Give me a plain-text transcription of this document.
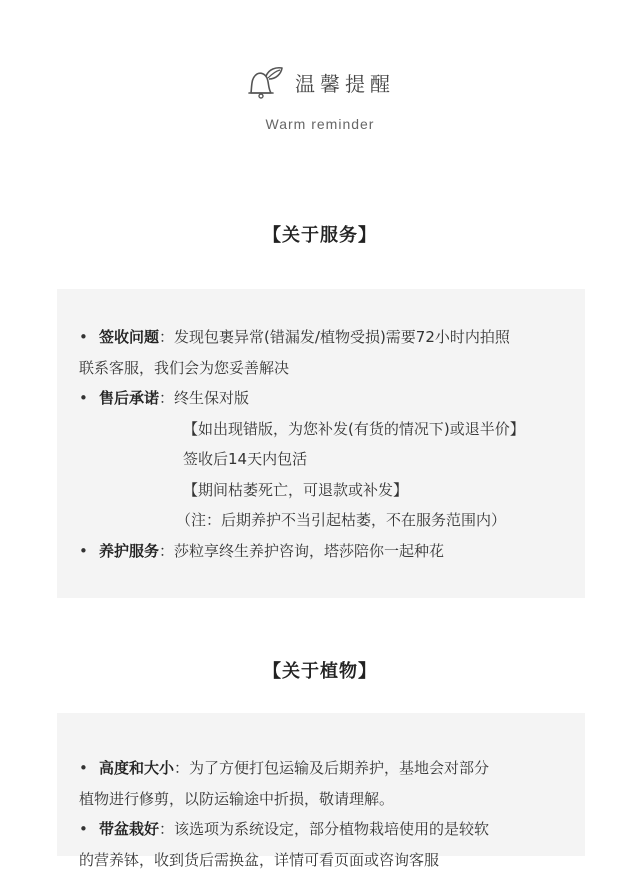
温馨提醒
Warm reminder
【关于服务】
• 签收问题：发现包裹异常(错漏发/植物受损)需要72小时内拍照
联系客服，我们会为您妥善解决
• 售后承诺：终生保对版
【如出现错版，为您补发(有货的情况下)或退半价】
签收后14天内包活
【期间枯萎死亡，可退款或补发】
（注：后期养护不当引起枯萎，不在服务范围内）
• 养护服务：莎粒享终生养护咨询，塔莎陪你一起种花
【关于植物】
• 高度和大小：为了方便打包运输及后期养护，基地会对部分
植物进行修剪，以防运输途中折损，敬请理解。
• 带盆栽好：该选项为系统设定，部分植物栽培使用的是较软
的营养钵，收到货后需换盆，详情可看页面或咨询客服
